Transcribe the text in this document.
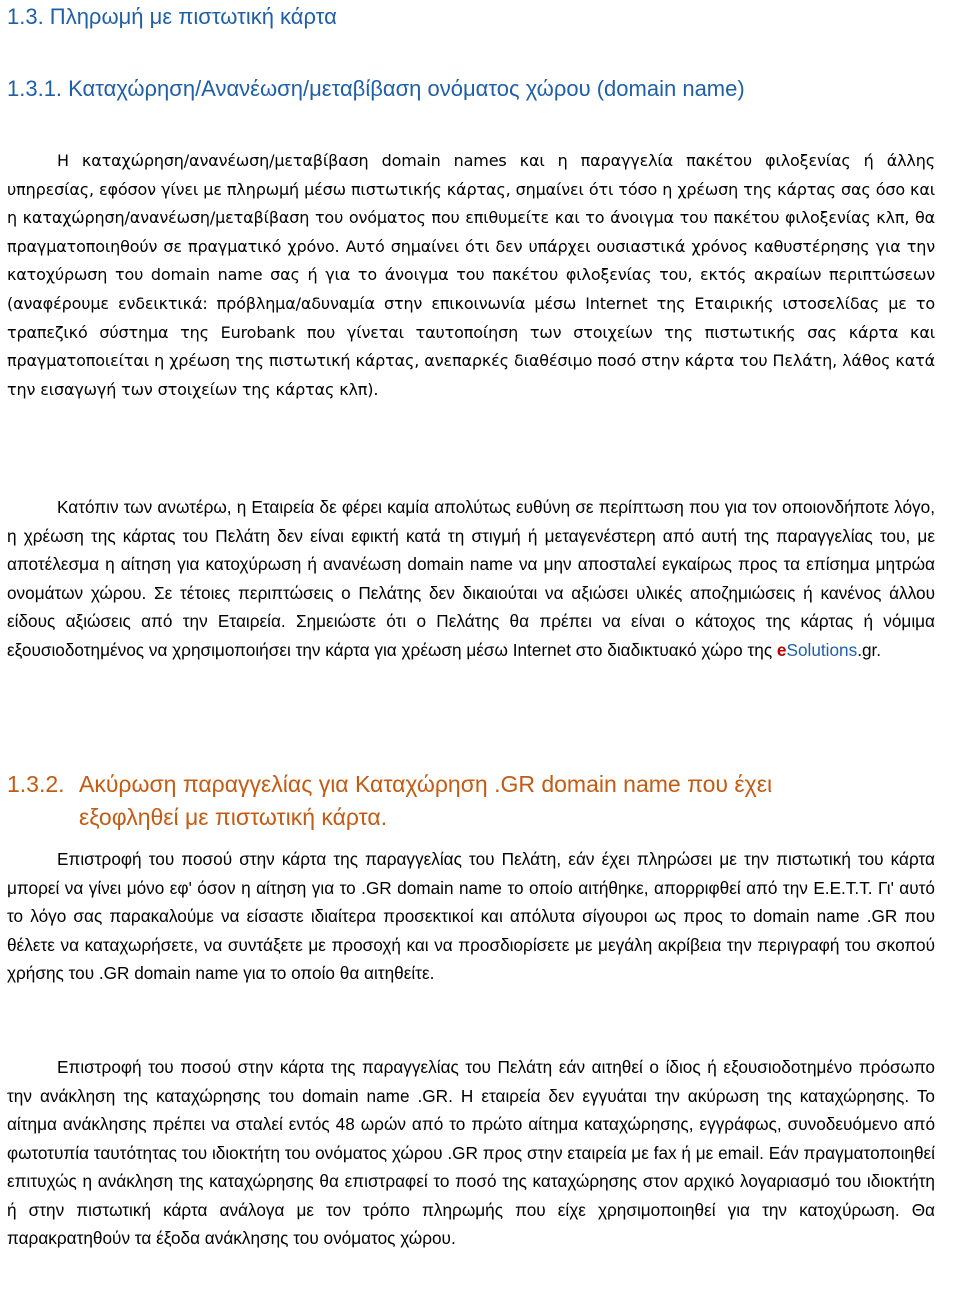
1.3. Πληρωμή με πιστωτική κάρτα
1.3.1. Καταχώρηση/Ανανέωση/μεταβίβαση ονόματος χώρου (domain name)

Η καταχώρηση/ανανέωση/μεταβίβαση domain names και η παραγγελία πακέτου φιλοξενίας ή άλλης υπηρεσίας, εφόσον γίνει με πληρωμή μέσω πιστωτικής κάρτας, σημαίνει ότι τόσο η χρέωση της κάρτας σας όσο και η καταχώρηση/ανανέωση/μεταβίβαση του ονόματος που επιθυμείτε και το άνοιγμα του πακέτου φιλοξενίας κλπ, θα πραγματοποιηθούν σε πραγματικό χρόνο. Αυτό σημαίνει ότι δεν υπάρχει ουσιαστικά χρόνος καθυστέρησης για την κατοχύρωση του domain name σας ή για το άνοιγμα του πακέτου φιλοξενίας του, εκτός ακραίων περιπτώσεων (αναφέρουμε ενδεικτικά: πρόβλημα/αδυναμία στην επικοινωνία μέσω Internet της Εταιρικής ιστοσελίδας με το τραπεζικό σύστημα της Eurobank που γίνεται ταυτοποίηση των στοιχείων της πιστωτικής σας κάρτα και πραγματοποιείται η χρέωση της πιστωτική κάρτας, ανεπαρκές διαθέσιμο ποσό στην κάρτα του Πελάτη, λάθος κατά την εισαγωγή των στοιχείων της κάρτας κλπ).

Κατόπιν των ανωτέρω, η Εταιρεία δε φέρει καμία απολύτως ευθύνη σε περίπτωση που για τον οποιονδήποτε λόγο, η χρέωση της κάρτας του Πελάτη δεν είναι εφικτή κατά τη στιγμή ή μεταγενέστερη από αυτή της παραγγελίας του, με αποτέλεσμα η αίτηση για κατοχύρωση ή ανανέωση domain name να μην αποσταλεί εγκαίρως προς τα επίσημα μητρώα ονομάτων χώρου. Σε τέτοιες περιπτώσεις ο Πελάτης δεν δικαιούται να αξιώσει υλικές αποζημιώσεις ή κανένος άλλου είδους αξιώσεις από την Εταιρεία. Σημειώστε ότι ο Πελάτης θα πρέπει να είναι ο κάτοχος της κάρτας ή νόμιμα εξουσιοδοτημένος να χρησιμοποιήσει την κάρτα για χρέωση μέσω Internet στο διαδικτυακό χώρο της eSolutions.gr.

1.3.2. Ακύρωση παραγγελίας για Καταχώρηση .GR domain name που έχει
εξοφληθεί με πιστωτική κάρτα.

Επιστροφή του ποσού στην κάρτα της παραγγελίας του Πελάτη, εάν έχει πληρώσει με την πιστωτική του κάρτα μπορεί να γίνει μόνο εφ' όσον η αίτηση για το .GR domain name το οποίο αιτήθηκε, απορριφθεί από την Ε.Ε.Τ.Τ. Γι' αυτό το λόγο σας παρακαλούμε να είσαστε ιδιαίτερα προσεκτικοί και απόλυτα σίγουροι ως προς το domain name .GR που θέλετε να καταχωρήσετε, να συντάξετε με προσοχή και να προσδιορίσετε με μεγάλη ακρίβεια την περιγραφή του σκοπού χρήσης του .GR domain name για το οποίο θα αιτηθείτε.

Επιστροφή του ποσού στην κάρτα της παραγγελίας του Πελάτη εάν αιτηθεί ο ίδιος ή εξουσιοδοτημένο πρόσωπο την ανάκληση της καταχώρησης του domain name .GR. Η εταιρεία δεν εγγυάται την ακύρωση της καταχώρησης. Το αίτημα ανάκλησης πρέπει να σταλεί εντός 48 ωρών από το πρώτο αίτημα καταχώρησης, εγγράφως, συνοδευόμενο από φωτοτυπία ταυτότητας του ιδιοκτήτη του ονόματος χώρου .GR προς στην εταιρεία με fax ή με email. Εάν πραγματοποιηθεί επιτυχώς η ανάκληση της καταχώρησης θα επιστραφεί το ποσό της καταχώρησης στον αρχικό λογαριασμό του ιδιοκτήτη ή στην πιστωτική κάρτα ανάλογα με τον τρόπο πληρωμής που είχε χρησιμοποιηθεί για την κατοχύρωση. Θα παρακρατηθούν τα έξοδα ανάκλησης του ονόματος χώρου.
